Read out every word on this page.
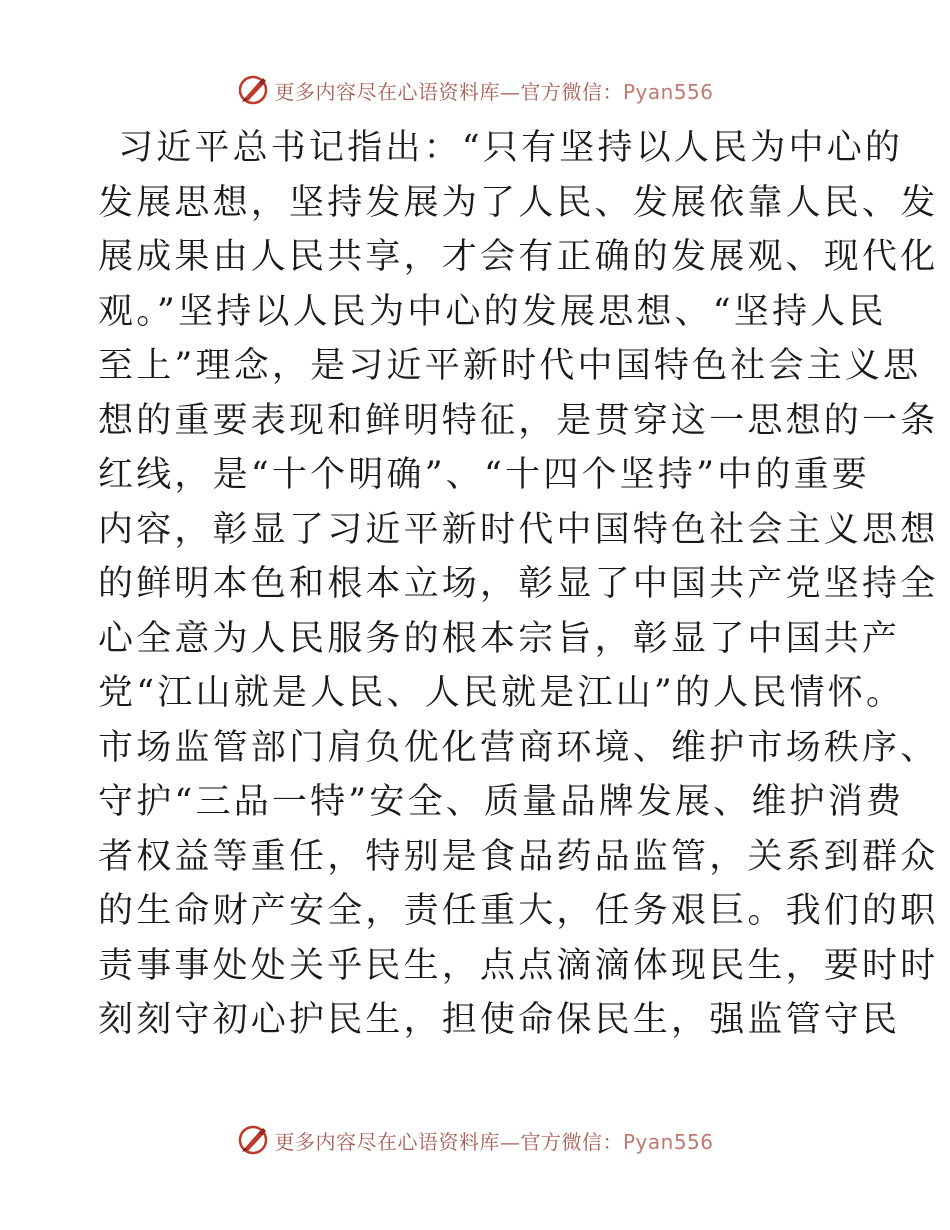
更多内容尽在心语资料库—官方微信：Pyan556
习近平总书记指出：“只有坚持以人民为中心的
发展思想，坚持发展为了人民、发展依靠人民、发
展成果由人民共享，才会有正确的发展观、现代化
观。”坚持以人民为中心的发展思想、“坚持人民
至上”理念，是习近平新时代中国特色社会主义思
想的重要表现和鲜明特征，是贯穿这一思想的一条
红线，是“十个明确”、“十四个坚持”中的重要
内容，彰显了习近平新时代中国特色社会主义思想
的鲜明本色和根本立场，彰显了中国共产党坚持全
心全意为人民服务的根本宗旨，彰显了中国共产
党“江山就是人民、人民就是江山”的人民情怀。
市场监管部门肩负优化营商环境、维护市场秩序、
守护“三品一特”安全、质量品牌发展、维护消费
者权益等重任，特别是食品药品监管，关系到群众
的生命财产安全，责任重大，任务艰巨。我们的职
责事事处处关乎民生，点点滴滴体现民生，要时时
刻刻守初心护民生，担使命保民生，强监管守民
更多内容尽在心语资料库—官方微信：Pyan556
